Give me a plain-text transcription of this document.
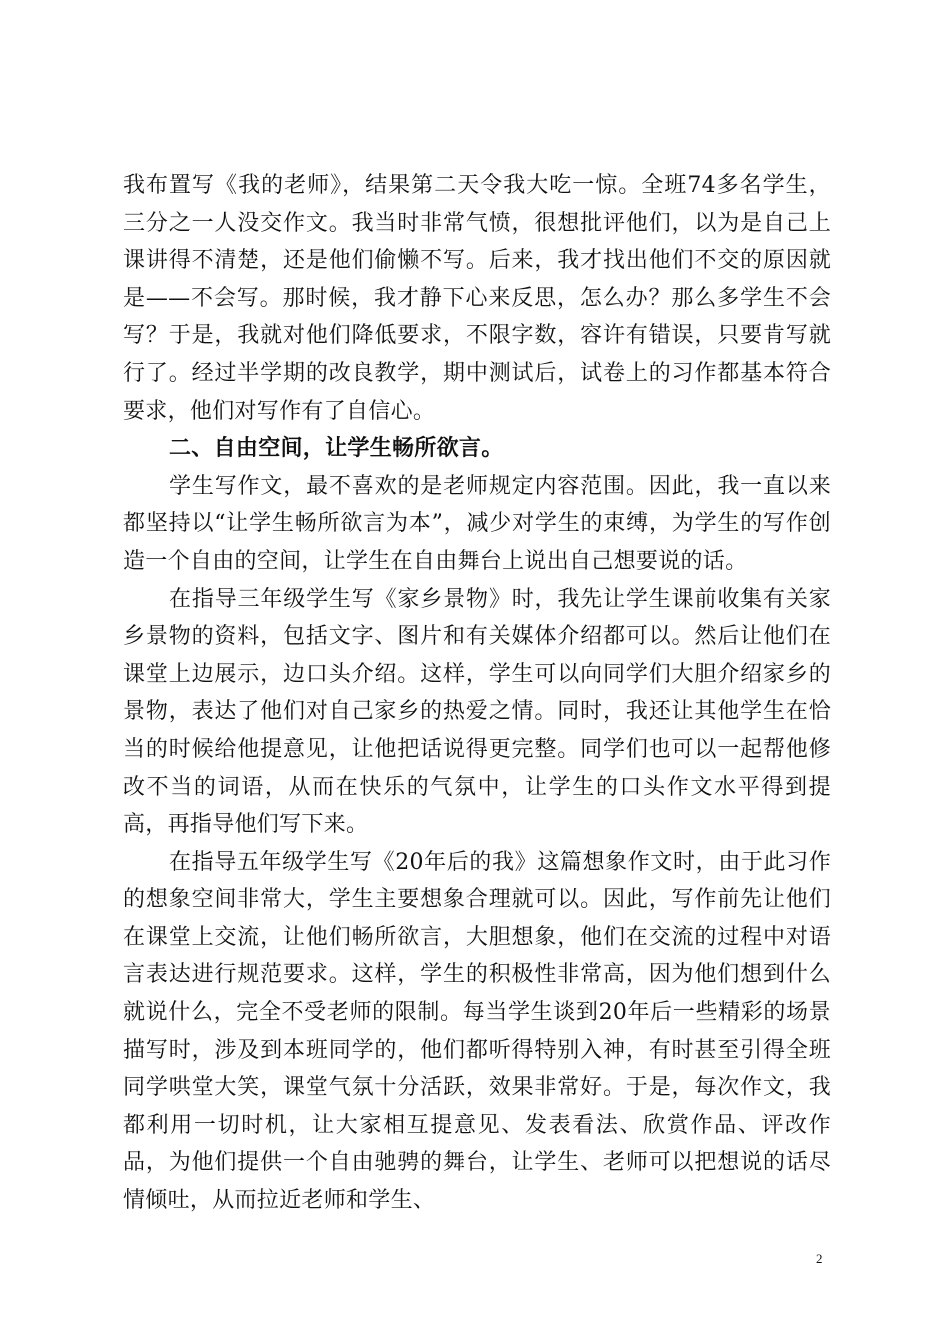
我布置写《我的老师》，结果第二天令我大吃一惊。全班74多名学生，三分之一人没交作文。我当时非常气愤，很想批评他们，以为是自己上课讲得不清楚，还是他们偷懒不写。后来，我才找出他们不交的原因就是——不会写。那时候，我才静下心来反思，怎么办？那么多学生不会写？于是，我就对他们降低要求，不限字数，容许有错误，只要肯写就行了。经过半学期的改良教学，期中测试后，试卷上的习作都基本符合要求，他们对写作有了自信心。

二、自由空间，让学生畅所欲言。

学生写作文，最不喜欢的是老师规定内容范围。因此，我一直以来都坚持以“让学生畅所欲言为本”，减少对学生的束缚，为学生的写作创造一个自由的空间，让学生在自由舞台上说出自己想要说的话。

在指导三年级学生写《家乡景物》时，我先让学生课前收集有关家乡景物的资料，包括文字、图片和有关媒体介绍都可以。然后让他们在课堂上边展示，边口头介绍。这样，学生可以向同学们大胆介绍家乡的景物，表达了他们对自己家乡的热爱之情。同时，我还让其他学生在恰当的时候给他提意见，让他把话说得更完整。同学们也可以一起帮他修改不当的词语，从而在快乐的气氛中，让学生的口头作文水平得到提高，再指导他们写下来。

在指导五年级学生写《20年后的我》这篇想象作文时，由于此习作的想象空间非常大，学生主要想象合理就可以。因此，写作前先让他们在课堂上交流，让他们畅所欲言，大胆想象，他们在交流的过程中对语言表达进行规范要求。这样，学生的积极性非常高，因为他们想到什么就说什么，完全不受老师的限制。每当学生谈到20年后一些精彩的场景描写时，涉及到本班同学的，他们都听得特别入神，有时甚至引得全班同学哄堂大笑，课堂气氛十分活跃，效果非常好。于是，每次作文，我都利用一切时机，让大家相互提意见、发表看法、欣赏作品、评改作品，为他们提供一个自由驰骋的舞台，让学生、老师可以把想说的话尽情倾吐，从而拉近老师和学生、

2
